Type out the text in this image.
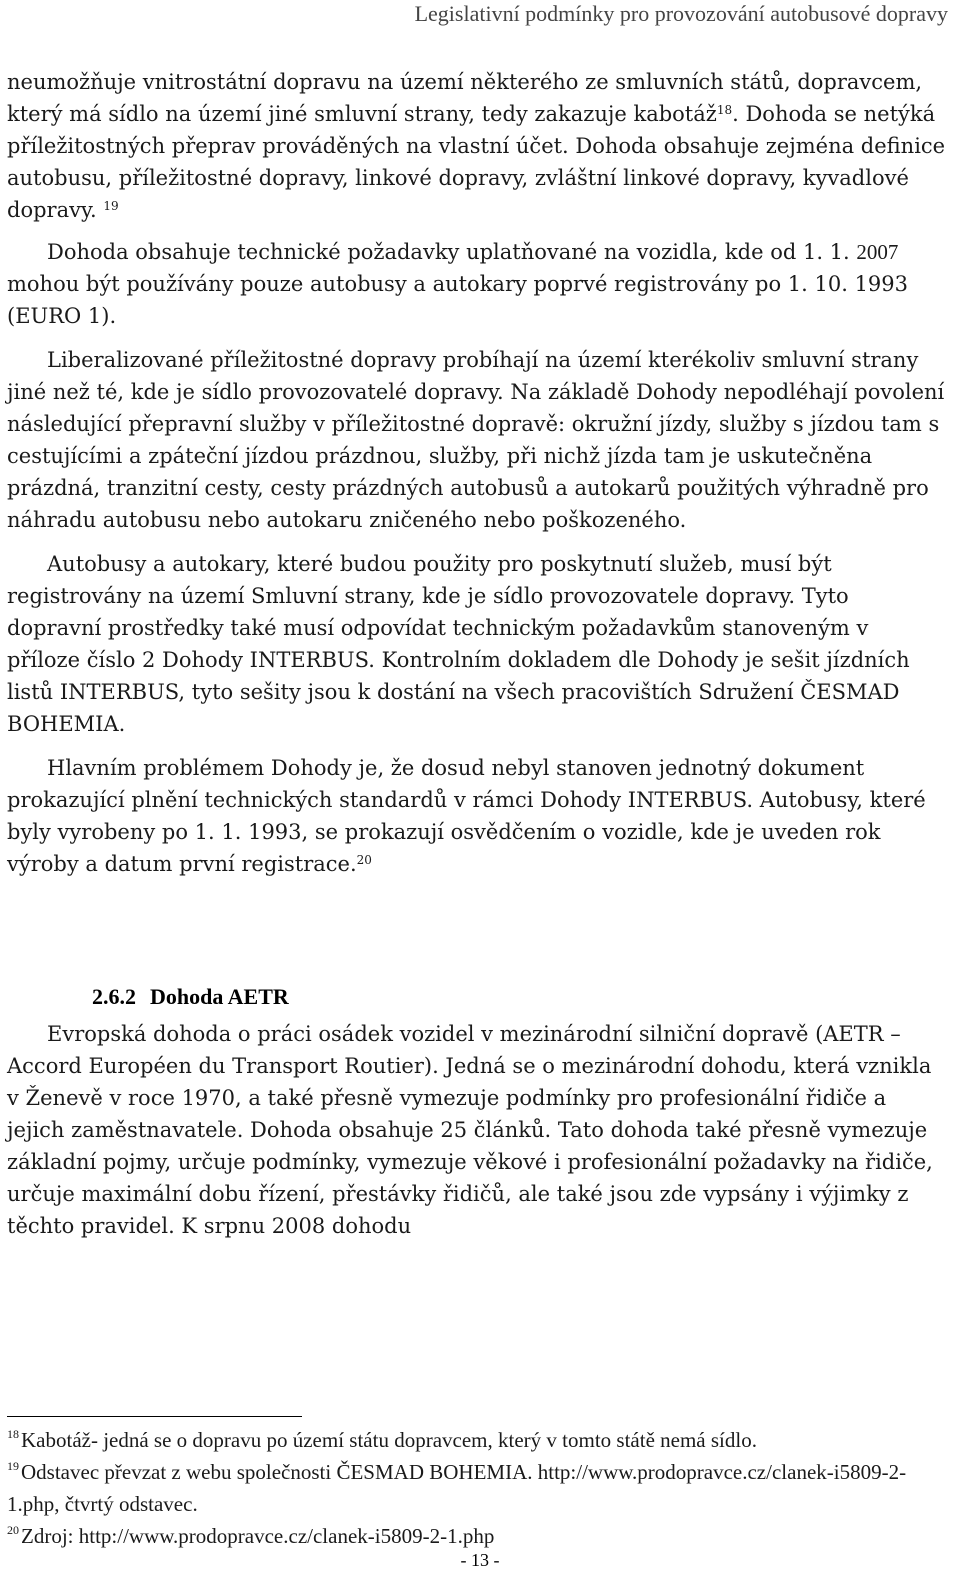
Legislativní podmínky pro provozování autobusové dopravy

neumožňuje vnitrostátní dopravu na území některého ze smluvních států, dopravcem, který má sídlo na území jiné smluvní strany, tedy zakazuje kabotáž$^{18}$. Dohoda se netýká příležitostných přeprav prováděných na vlastní účet. Dohoda obsahuje zejména definice autobusu, příležitostné dopravy, linkové dopravy, zvláštní linkové dopravy, kyvadlové dopravy. $^{19}$

Dohoda obsahuje technické požadavky uplatňované na vozidla, kde od 1. 1. 2007 mohou být používány pouze autobusy a autokary poprvé registrovány po 1. 10. 1993 (EURO 1).

Liberalizované příležitostné dopravy probíhají na území kterékoliv smluvní strany jiné než té, kde je sídlo provozovatelé dopravy. Na základě Dohody nepodléhají povolení následující přepravní služby v příležitostné dopravě: okružní jízdy, služby s jízdou tam s cestujícími a zpáteční jízdou prázdnou, služby, při nichž jízda tam je uskutečněna prázdná, tranzitní cesty, cesty prázdných autobusů a autokarů použitých výhradně pro náhradu autobusu nebo autokaru zničeného nebo poškozeného.

Autobusy a autokary, které budou použity pro poskytnutí služeb, musí být registrovány na území Smluvní strany, kde je sídlo provozovatele dopravy. Tyto dopravní prostředky také musí odpovídat technickým požadavkům stanoveným v příloze číslo 2 Dohody INTERBUS. Kontrolním dokladem dle Dohody je sešit jízdních listů INTERBUS, tyto sešity jsou k dostání na všech pracovištích Sdružení ČESMAD BOHEMIA.

Hlavním problémem Dohody je, že dosud nebyl stanoven jednotný dokument prokazující plnění technických standardů v rámci Dohody INTERBUS. Autobusy, které byly vyrobeny po 1. 1. 1993, se prokazují osvědčením o vozidle, kde je uveden rok výroby a datum první registrace.$^{20}$

2.6.2 Dohoda AETR

Evropská dohoda o práci osádek vozidel v mezinárodní silniční dopravě (AETR – Accord Européen du Transport Routier). Jedná se o mezinárodní dohodu, která vznikla v Ženevě v roce 1970, a také přesně vymezuje podmínky pro profesionální řidiče a jejich zaměstnavatele. Dohoda obsahuje 25 článků. Tato dohoda také přesně vymezuje základní pojmy, určuje podmínky, vymezuje věkové i profesionální požadavky na řidiče, určuje maximální dobu řízení, přestávky řidičů, ale také jsou zde vypsány i výjimky z těchto pravidel. K srpnu 2008 dohodu

$^{18}$Kabotáž- jedná se o dopravu po území státu dopravcem, který v tomto státě nemá sídlo.

$^{19}$Odstavec převzat z webu společnosti ČESMAD BOHEMIA. http://www.prodopravce.cz/clanek-i5809-2-1.php, čtvrtý odstavec.

$^{20}$Zdroj: http://www.prodopravce.cz/clanek-i5809-2-1.php

- 13 -
